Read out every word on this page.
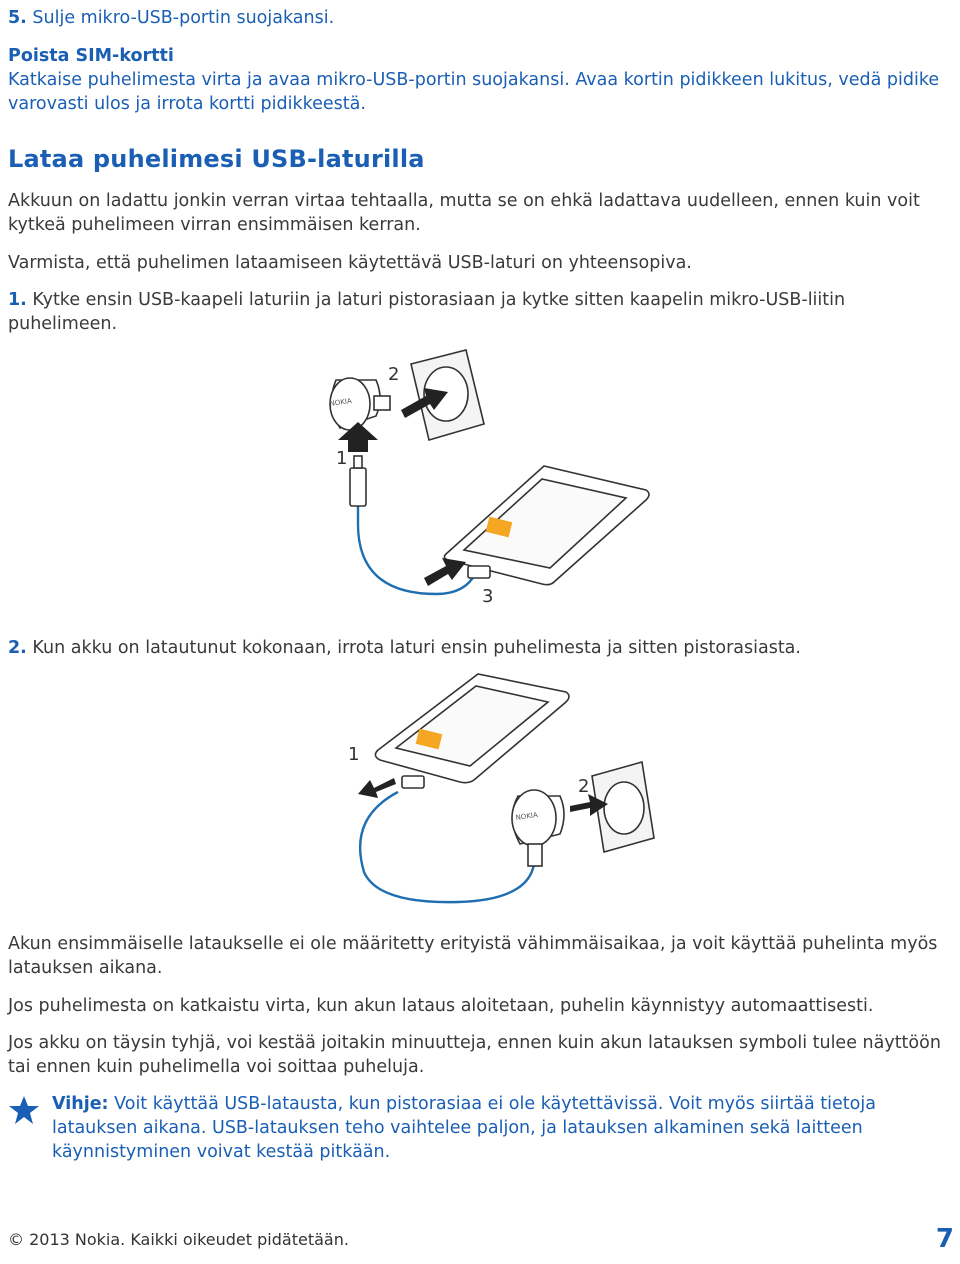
5. Sulje mikro-USB-portin suojakansi.

Poista SIM-kortti

Katkaise puhelimesta virta ja avaa mikro-USB-portin suojakansi. Avaa kortin pidikkeen lukitus, vedä pidike varovasti ulos ja irrota kortti pidikkeestä.

Lataa puhelimesi USB-laturilla

Akkuun on ladattu jonkin verran virtaa tehtaalla, mutta se on ehkä ladattava uudelleen, ennen kuin voit kytkeä puhelimeen virran ensimmäisen kerran.

Varmista, että puhelimen lataamiseen käytettävä USB-laturi on yhteensopiva.

1. Kytke ensin USB-kaapeli laturiin ja laturi pistorasiaan ja kytke sitten kaapelin mikro-USB-liitin puhelimeen.

1
2
3
NOKIA

2. Kun akku on latautunut kokonaan, irrota laturi ensin puhelimesta ja sitten pistorasiasta.

1
2
NOKIA

Akun ensimmäiselle lataukselle ei ole määritetty erityistä vähimmäisaikaa, ja voit käyttää puhelinta myös latauksen aikana.

Jos puhelimesta on katkaistu virta, kun akun lataus aloitetaan, puhelin käynnistyy automaattisesti.

Jos akku on täysin tyhjä, voi kestää joitakin minuutteja, ennen kuin akun latauksen symboli tulee näyttöön tai ennen kuin puhelimella voi soittaa puheluja.

Vihje: Voit käyttää USB-latausta, kun pistorasiaa ei ole käytettävissä. Voit myös siirtää tietoja latauksen aikana. USB-latauksen teho vaihtelee paljon, ja latauksen alkaminen sekä laitteen käynnistyminen voivat kestää pitkään.

© 2013 Nokia. Kaikki oikeudet pidätetään.	7
